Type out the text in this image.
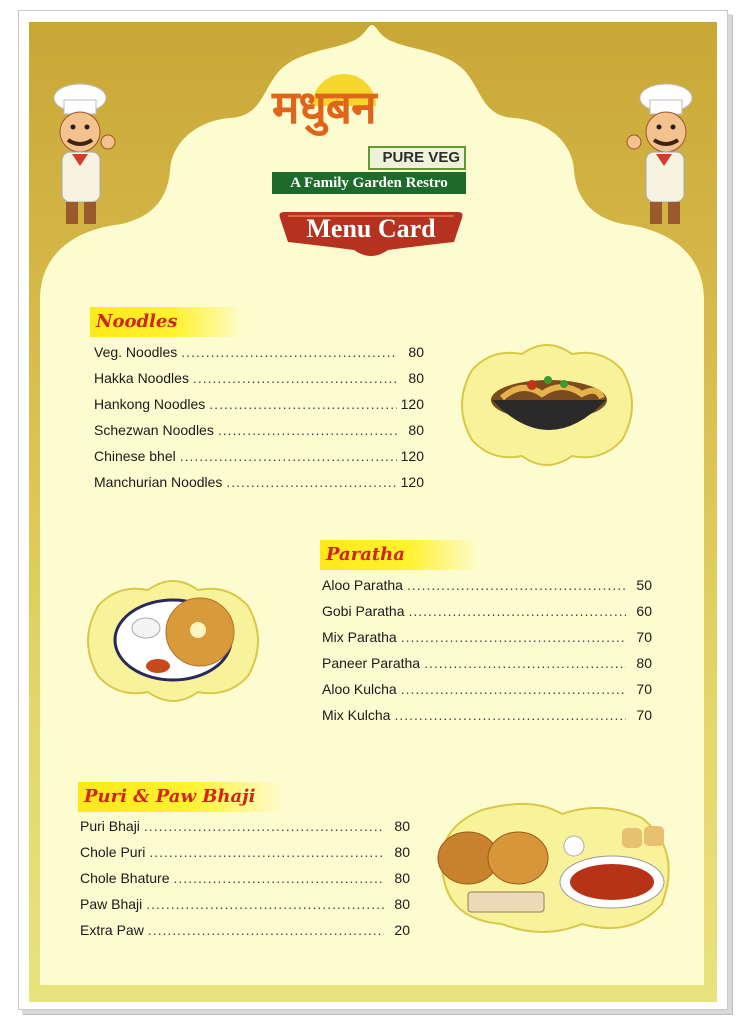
मधुबन
PURE VEG
A Family Garden Restro
Menu Card
Noodles
Veg. Noodles .....	80
Hakka Noodles .....	80
Hankong Noodles .....	120
Schezwan Noodles .....	80
Chinese bhel .....	120
Manchurian Noodles .....	120
Paratha
Aloo Paratha .....	50
Gobi Paratha .....	60
Mix Paratha .....	70
Paneer Paratha .....	80
Aloo Kulcha .....	70
Mix Kulcha .....	70
Puri & Paw Bhaji
Puri Bhaji .....	80
Chole Puri .....	80
Chole Bhature .....	80
Paw Bhaji .....	80
Extra Paw .....	20
